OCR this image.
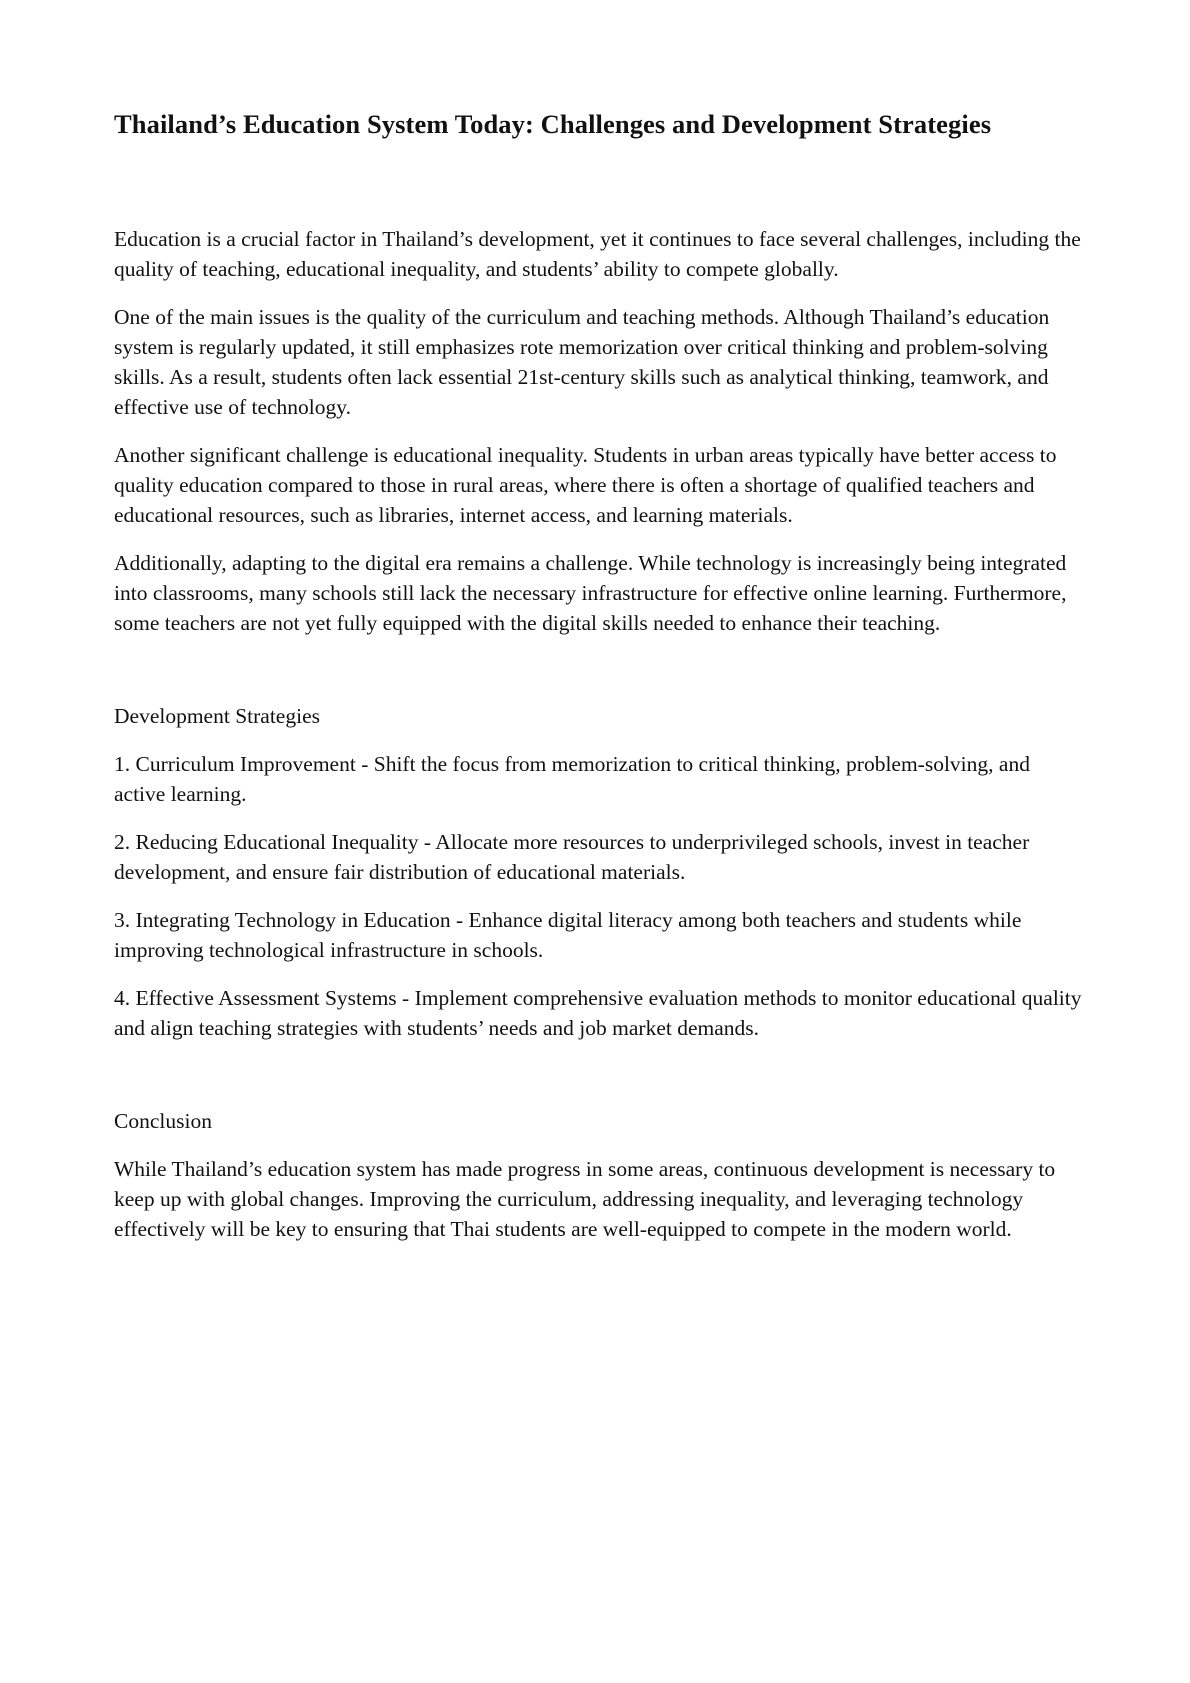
Thailand’s Education System Today: Challenges and Development Strategies

Education is a crucial factor in Thailand’s development, yet it continues to face several challenges, including the quality of teaching, educational inequality, and students’ ability to compete globally.

One of the main issues is the quality of the curriculum and teaching methods. Although Thailand’s education system is regularly updated, it still emphasizes rote memorization over critical thinking and problem-solving skills. As a result, students often lack essential 21st-century skills such as analytical thinking, teamwork, and effective use of technology.

Another significant challenge is educational inequality. Students in urban areas typically have better access to quality education compared to those in rural areas, where there is often a shortage of qualified teachers and educational resources, such as libraries, internet access, and learning materials.

Additionally, adapting to the digital era remains a challenge. While technology is increasingly being integrated into classrooms, many schools still lack the necessary infrastructure for effective online learning. Furthermore, some teachers are not yet fully equipped with the digital skills needed to enhance their teaching.

Development Strategies

1. Curriculum Improvement - Shift the focus from memorization to critical thinking, problem-solving, and active learning.

2. Reducing Educational Inequality - Allocate more resources to underprivileged schools, invest in teacher development, and ensure fair distribution of educational materials.

3. Integrating Technology in Education - Enhance digital literacy among both teachers and students while improving technological infrastructure in schools.

4. Effective Assessment Systems - Implement comprehensive evaluation methods to monitor educational quality and align teaching strategies with students’ needs and job market demands.

Conclusion

While Thailand’s education system has made progress in some areas, continuous development is necessary to keep up with global changes. Improving the curriculum, addressing inequality, and leveraging technology effectively will be key to ensuring that Thai students are well-equipped to compete in the modern world.
